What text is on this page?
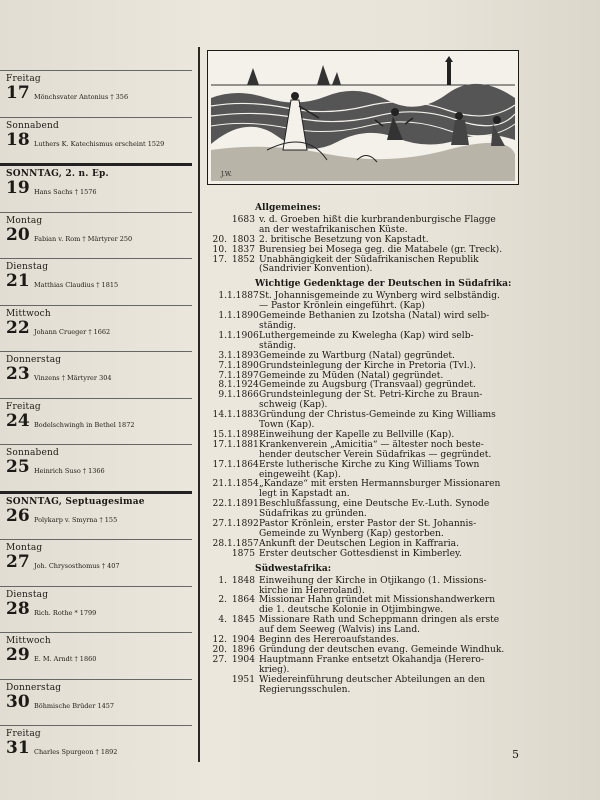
Freitag
17 Mönchsvater Antonius † 356
Sonnabend
18 Luthers K. Katechismus erscheint 1529
SONNTAG, 2. n. Ep.
19 Hans Sachs † 1576
Montag
20 Fabian v. Rom † Märtyrer 250
Dienstag
21 Matthias Claudius † 1815
Mittwoch
22 Johann Crueger † 1662
Donnerstag
23 Vinzens † Märtyrer 304
Freitag
24 Bodelschwingh in Bethel 1872
Sonnabend
25 Heinrich Suso † 1366
SONNTAG, Septuagesimae
26 Polykarp v. Smyrna † 155
Montag
27 Joh. Chrysosthomus † 407
Dienstag
28 Rich. Rothe * 1799
Mittwoch
29 E. M. Arndt † 1860
Donnerstag
30 Böhmische Brüder 1457
Freitag
31 Charles Spurgeon † 1892
J.W.
Allgemeines:
1683 v. d. Groeben hißt die kurbrandenburgische Flagge
an der westafrikanischen Küste.
20. 1803 2. britische Besetzung von Kapstadt.
10. 1837 Burensieg bei Mosega geg. die Matabele (gr. Treck).
17. 1852 Unabhängigkeit der Südafrikanischen Republik
(Sandrivier Konvention).
Wichtige Gedenktage der Deutschen in Südafrika:
1. 1.1887 St. Johannisgemeinde zu Wynberg wird selbständig.
— Pastor Krönlein eingeführt. (Kap)
1. 1.1890 Gemeinde Bethanien zu Izotsha (Natal) wird selb-
ständig.
1. 1.1906 Luthergemeinde zu Kwelegha (Kap) wird selb-
ständig.
3. 1.1893 Gemeinde zu Wartburg (Natal) gegründet.
7. 1.1890 Grundsteinlegung der Kirche in Pretoria (Tvl.).
7. 1.1897 Gemeinde zu Müden (Natal) gegründet.
8. 1.1924 Gemeinde zu Augsburg (Transvaal) gegründet.
9. 1.1866 Grundsteinlegung der St. Petri-Kirche zu Braun-
schweig (Kap).
14. 1.1883 Gründung der Christus-Gemeinde zu King Williams
Town (Kap).
15. 1.1898 Einweihung der Kapelle zu Bellville (Kap).
17. 1.1881 Krankenverein „Amicitia“ — ältester noch beste-
hender deutscher Verein Südafrikas — gegründet.
17. 1.1864 Erste lutherische Kirche zu King Williams Town
eingeweiht (Kap).
21. 1.1854 „Kandaze“ mit ersten Hermannsburger Missionaren
legt in Kapstadt an.
22. 1.1891 Beschlußfassung, eine Deutsche Ev.-Luth. Synode
Südafrikas zu gründen.
27. 1.1892 Pastor Krönlein, erster Pastor der St. Johannis-
Gemeinde zu Wynberg (Kap) gestorben.
28. 1.1857 Ankunft der Deutschen Legion in Kaffraria.
1875 Erster deutscher Gottesdienst in Kimberley.
Südwestafrika:
1. 1848 Einweihung der Kirche in Otjikango (1. Missions-
kirche im Hereroland).
2. 1864 Missionar Hahn gründet mit Missionshandwerkern
die 1. deutsche Kolonie in Otjimbingwe.
4. 1845 Missionare Rath und Scheppmann dringen als erste
auf dem Seeweg (Walvis) ins Land.
12. 1904 Beginn des Hereroaufstandes.
20. 1896 Gründung der deutschen evang. Gemeinde Windhuk.
27. 1904 Hauptmann Franke entsetzt Okahandja (Herero-
krieg).
1951 Wiedereinführung deutscher Abteilungen an den
Regierungsschulen.
5
